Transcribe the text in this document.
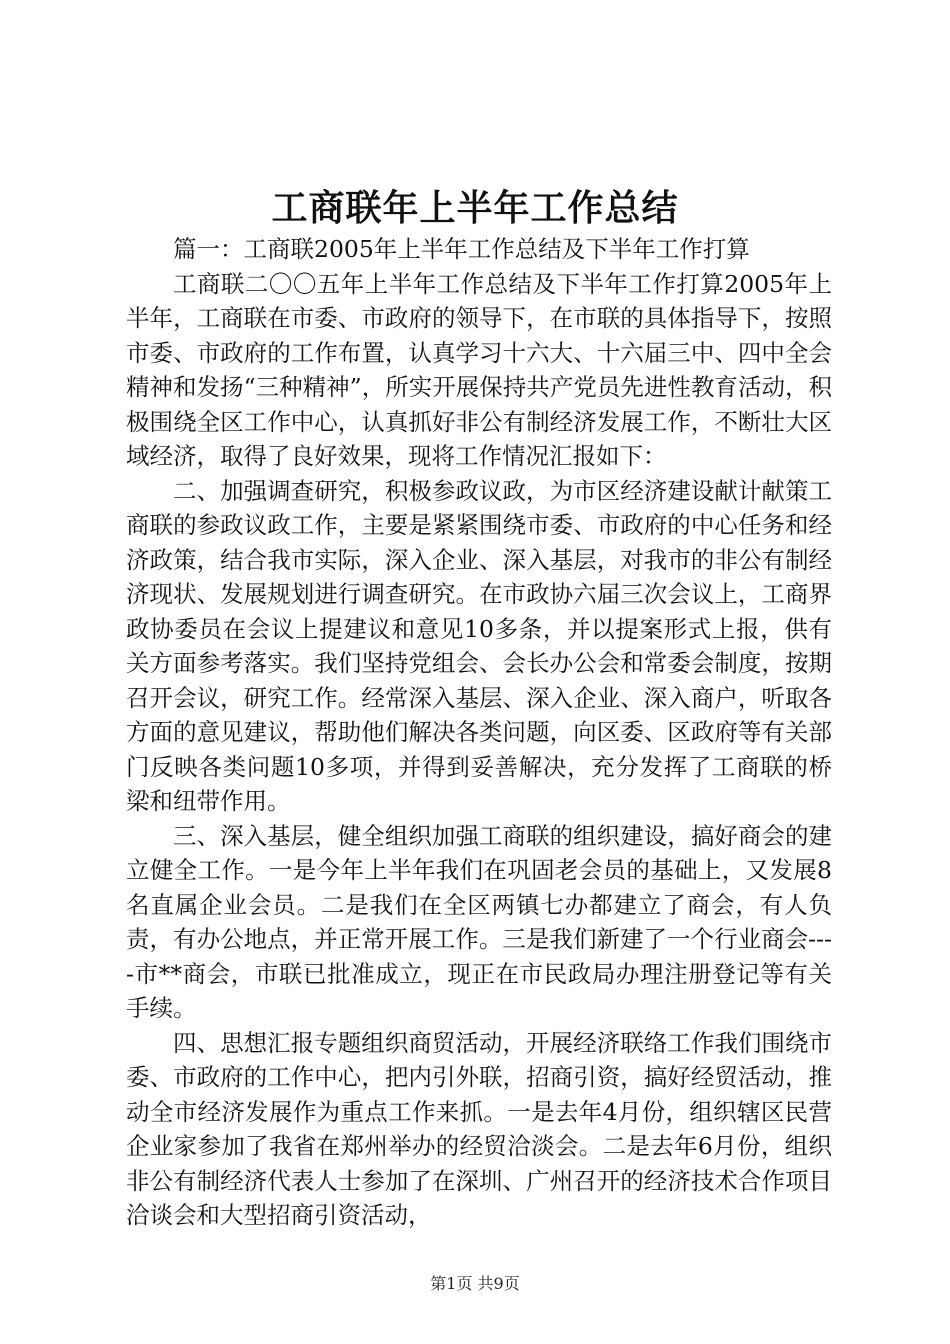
工商联年上半年工作总结

篇一：工商联2005年上半年工作总结及下半年工作打算

工商联二〇〇五年上半年工作总结及下半年工作打算2005年上半年，工商联在市委、市政府的领导下，在市联的具体指导下，按照市委、市政府的工作布置，认真学习十六大、十六届三中、四中全会精神和发扬“三种精神”，所实开展保持共产党员先进性教育活动，积极围绕全区工作中心，认真抓好非公有制经济发展工作，不断壮大区域经济，取得了良好效果，现将工作情况汇报如下：

二、加强调查研究，积极参政议政，为市区经济建设献计献策工商联的参政议政工作，主要是紧紧围绕市委、市政府的中心任务和经济政策，结合我市实际，深入企业、深入基层，对我市的非公有制经济现状、发展规划进行调查研究。在市政协六届三次会议上，工商界政协委员在会议上提建议和意见10多条，并以提案形式上报，供有关方面参考落实。我们坚持党组会、会长办公会和常委会制度，按期召开会议，研究工作。经常深入基层、深入企业、深入商户，听取各方面的意见建议，帮助他们解决各类问题，向区委、区政府等有关部门反映各类问题10多项，并得到妥善解决，充分发挥了工商联的桥梁和纽带作用。

三、深入基层，健全组织加强工商联的组织建设，搞好商会的建立健全工作。一是今年上半年我们在巩固老会员的基础上，又发展8名直属企业会员。二是我们在全区两镇七办都建立了商会，有人负责，有办公地点，并正常开展工作。三是我们新建了一个行业商会----市**商会，市联已批准成立，现正在市民政局办理注册登记等有关手续。

四、思想汇报专题组织商贸活动，开展经济联络工作我们围绕市委、市政府的工作中心，把内引外联，招商引资，搞好经贸活动，推动全市经济发展作为重点工作来抓。一是去年4月份，组织辖区民营企业家参加了我省在郑州举办的经贸洽淡会。二是去年6月份，组织非公有制经济代表人士参加了在深圳、广州召开的经济技术合作项目洽谈会和大型招商引资活动，

第1页 共9页
